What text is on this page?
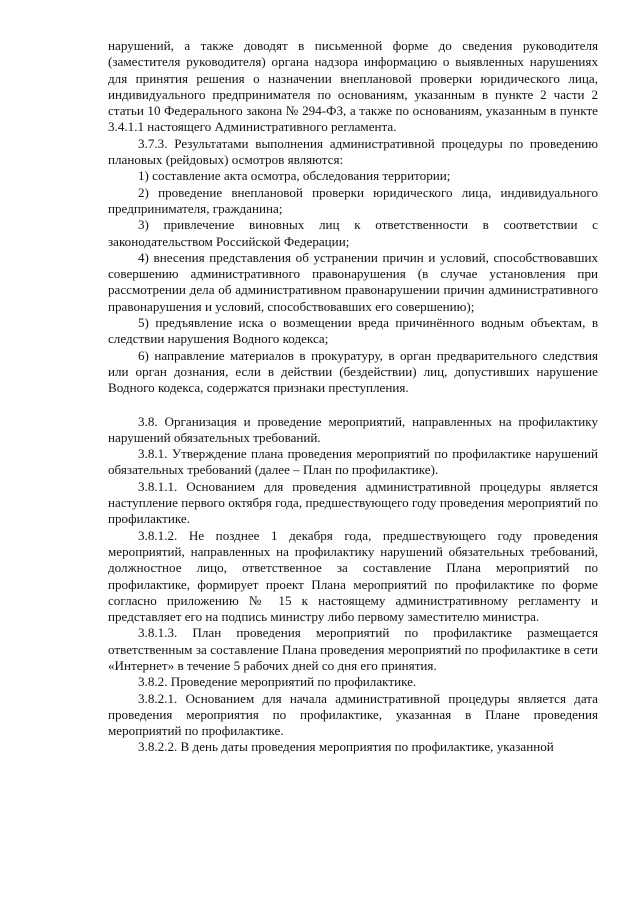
нарушений, а также доводят в письменной форме до сведения руководителя (заместителя руководителя) органа надзора информацию о выявленных нарушениях для принятия решения о назначении внеплановой проверки юридического лица, индивидуального предпринимателя по основаниям, указанным в пункте 2 части 2 статьи 10 Федерального закона № 294-ФЗ, а также по основаниям, указанным в пункте 3.4.1.1 настоящего Административного регламента.

3.7.3. Результатами выполнения административной процедуры по проведению плановых (рейдовых) осмотров являются:

1) составление акта осмотра, обследования территории;

2) проведение внеплановой проверки юридического лица, индивидуального предпринимателя, гражданина;

3) привлечение виновных лиц к ответственности в соответствии с законодательством Российской Федерации;

4) внесения представления об устранении причин и условий, способствовавших совершению административного правонарушения (в случае установления при рассмотрении дела об административном правонарушении причин административного правонарушения и условий, способствовавших его совершению);

5) предъявление иска о возмещении вреда причинённого водным объектам, в следствии нарушения Водного кодекса;

6) направление материалов в прокуратуру, в орган предварительного следствия или орган дознания, если в действии (бездействии) лиц, допустивших нарушение Водного кодекса, содержатся признаки преступления.

3.8. Организация и проведение мероприятий, направленных на профилактику нарушений обязательных требований.

3.8.1. Утверждение плана проведения мероприятий по профилактике нарушений обязательных требований (далее – План по профилактике).

3.8.1.1. Основанием для проведения административной процедуры является наступление первого октября года, предшествующего году проведения мероприятий по профилактике.

3.8.1.2. Не позднее 1 декабря года, предшествующего году проведения мероприятий, направленных на профилактику нарушений обязательных требований, должностное лицо, ответственное за составление Плана мероприятий по профилактике, формирует проект Плана мероприятий по профилактике по форме согласно приложению № 15 к настоящему административному регламенту и представляет его на подпись министру либо первому заместителю министра.

3.8.1.3. План проведения мероприятий по профилактике размещается ответственным за составление Плана проведения мероприятий по профилактике в сети «Интернет» в течение 5 рабочих дней со дня его принятия.

3.8.2. Проведение мероприятий по профилактике.

3.8.2.1. Основанием для начала административной процедуры является дата проведения мероприятия по профилактике, указанная в Плане проведения мероприятий по профилактике.

3.8.2.2. В день даты проведения мероприятия по профилактике, указанной
